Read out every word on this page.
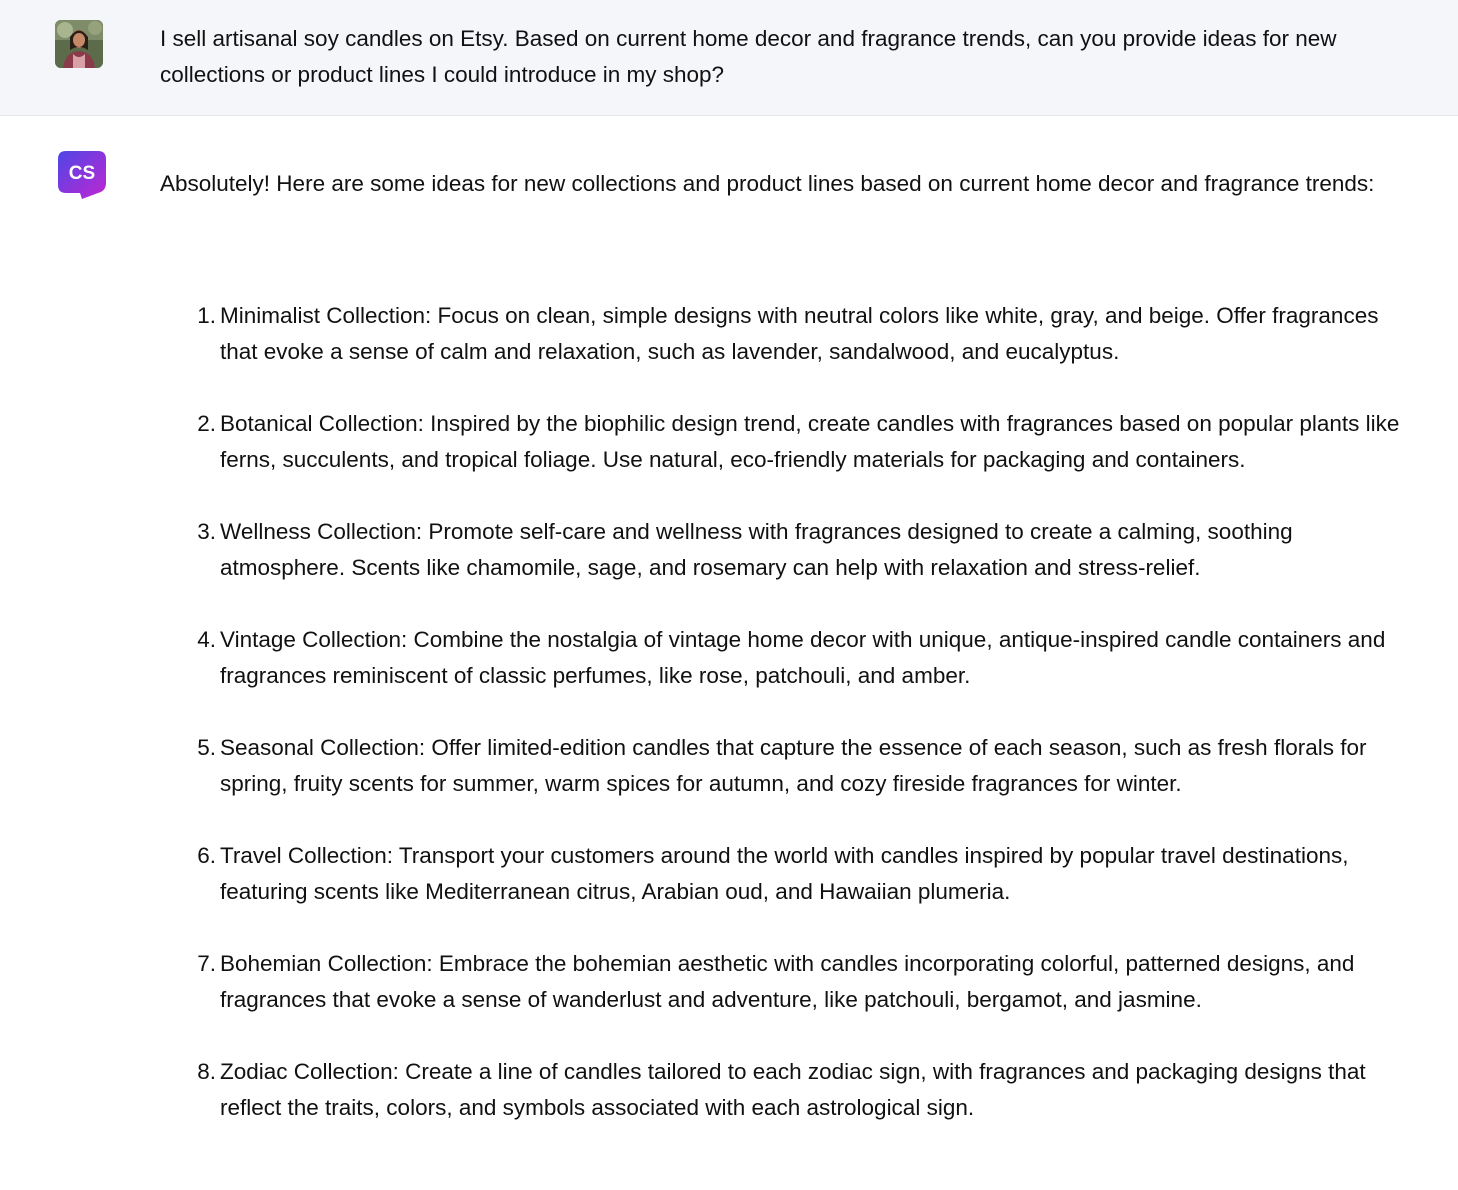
I sell artisanal soy candles on Etsy. Based on current home decor and fragrance trends, can you provide ideas for new collections or product lines I could introduce in my shop?
CS	Absolutely! Here are some ideas for new collections and product lines based on current home decor and fragrance trends:
1. Minimalist Collection: Focus on clean, simple designs with neutral colors like white, gray, and beige. Offer fragrances that evoke a sense of calm and relaxation, such as lavender, sandalwood, and eucalyptus.
2. Botanical Collection: Inspired by the biophilic design trend, create candles with fragrances based on popular plants like ferns, succulents, and tropical foliage. Use natural, eco-friendly materials for packaging and containers.
3. Wellness Collection: Promote self-care and wellness with fragrances designed to create a calming, soothing atmosphere. Scents like chamomile, sage, and rosemary can help with relaxation and stress-relief.
4. Vintage Collection: Combine the nostalgia of vintage home decor with unique, antique-inspired candle containers and fragrances reminiscent of classic perfumes, like rose, patchouli, and amber.
5. Seasonal Collection: Offer limited-edition candles that capture the essence of each season, such as fresh florals for spring, fruity scents for summer, warm spices for autumn, and cozy fireside fragrances for winter.
6. Travel Collection: Transport your customers around the world with candles inspired by popular travel destinations, featuring scents like Mediterranean citrus, Arabian oud, and Hawaiian plumeria.
7. Bohemian Collection: Embrace the bohemian aesthetic with candles incorporating colorful, patterned designs, and fragrances that evoke a sense of wanderlust and adventure, like patchouli, bergamot, and jasmine.
8. Zodiac Collection: Create a line of candles tailored to each zodiac sign, with fragrances and packaging designs that reflect the traits, colors, and symbols associated with each astrological sign.
